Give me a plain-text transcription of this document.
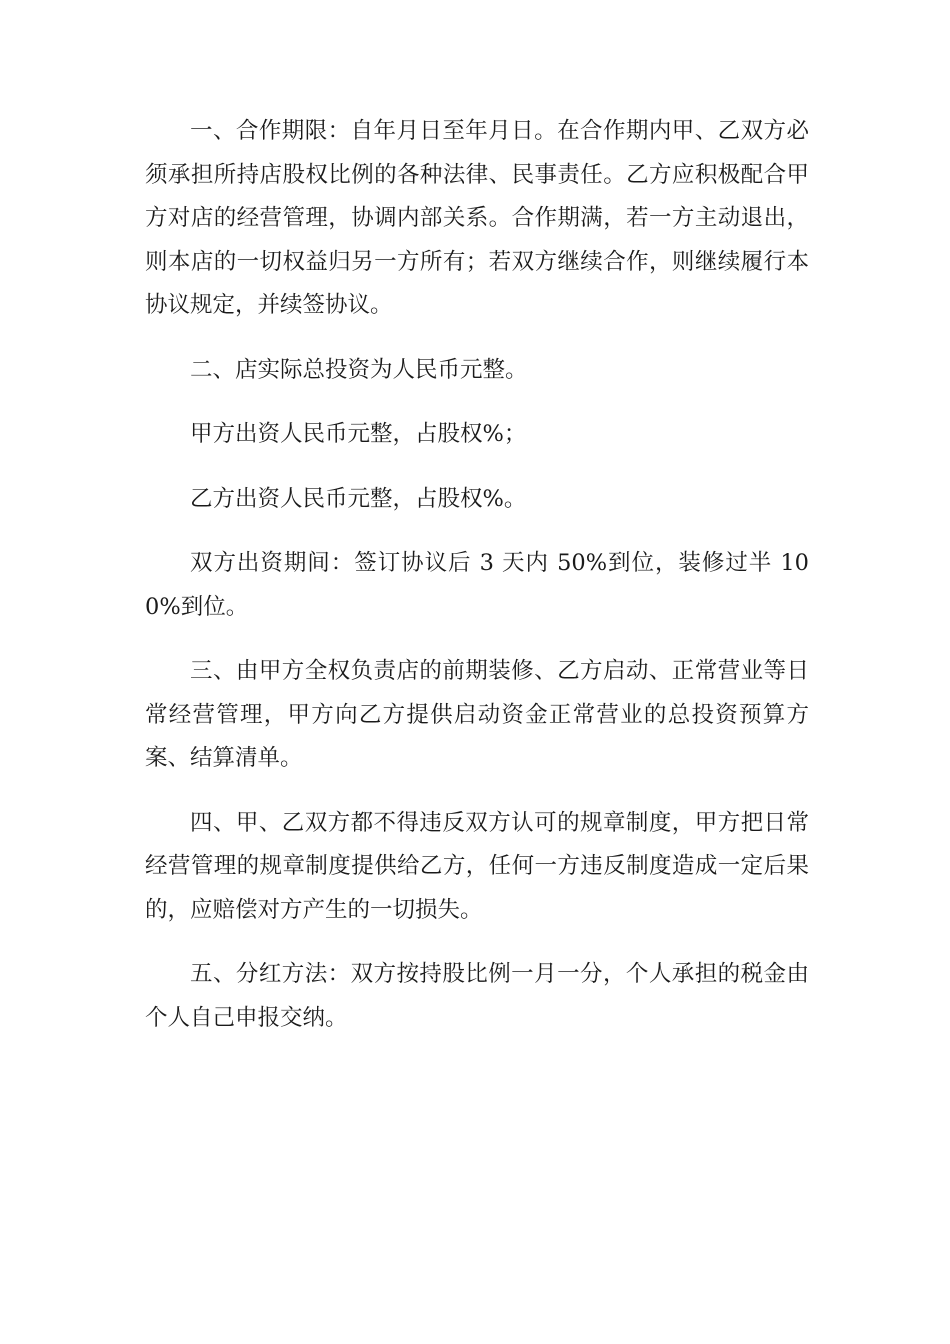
一、合作期限：自年月日至年月日。在合作期内甲、乙双方必须承担所持店股权比例的各种法律、民事责任。乙方应积极配合甲方对店的经营管理，协调内部关系。合作期满，若一方主动退出，则本店的一切权益归另一方所有；若双方继续合作，则继续履行本协议规定，并续签协议。

二、店实际总投资为人民币元整。

甲方出资人民币元整，占股权%；

乙方出资人民币元整，占股权%。

双方出资期间：签订协议后 3 天内 50%到位，装修过半 100%到位。

三、由甲方全权负责店的前期装修、乙方启动、正常营业等日常经营管理，甲方向乙方提供启动资金正常营业的总投资预算方案、结算清单。

四、甲、乙双方都不得违反双方认可的规章制度，甲方把日常经营管理的规章制度提供给乙方，任何一方违反制度造成一定后果的，应赔偿对方产生的一切损失。

五、分红方法：双方按持股比例一月一分，个人承担的税金由个人自己申报交纳。
